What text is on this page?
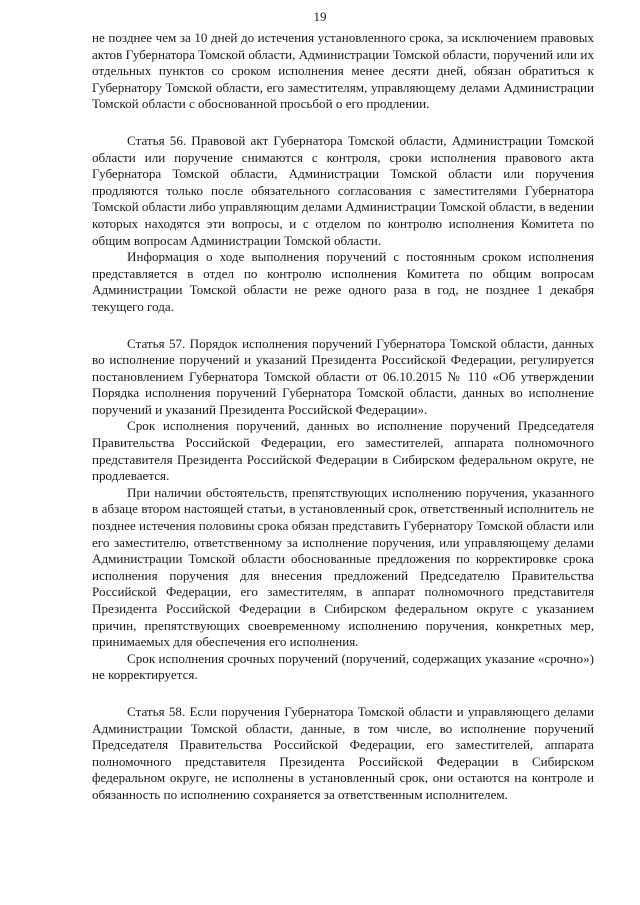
19

не позднее чем за 10 дней до истечения установленного срока, за исключением правовых актов Губернатора Томской области, Администрации Томской области, поручений или их отдельных пунктов со сроком исполнения менее десяти дней, обязан обратиться к Губернатору Томской области, его заместителям, управляющему делами Администрации Томской области с обоснованной просьбой о его продлении.

Статья 56. Правовой акт Губернатора Томской области, Администрации Томской области или поручение снимаются с контроля, сроки исполнения правового акта Губернатора Томской области, Администрации Томской области или поручения продляются только после обязательного согласования с заместителями Губернатора Томской области либо управляющим делами Администрации Томской области, в ведении которых находятся эти вопросы, и с отделом по контролю исполнения Комитета по общим вопросам Администрации Томской области.

Информация о ходе выполнения поручений с постоянным сроком исполнения представляется в отдел по контролю исполнения Комитета по общим вопросам Администрации Томской области не реже одного раза в год, не позднее 1 декабря текущего года.

Статья 57. Порядок исполнения поручений Губернатора Томской области, данных во исполнение поручений и указаний Президента Российской Федерации, регулируется постановлением Губернатора Томской области от 06.10.2015 № 110 «Об утверждении Порядка исполнения поручений Губернатора Томской области, данных во исполнение поручений и указаний Президента Российской Федерации».

Срок исполнения поручений, данных во исполнение поручений Председателя Правительства Российской Федерации, его заместителей, аппарата полномочного представителя Президента Российской Федерации в Сибирском федеральном округе, не продлевается.

При наличии обстоятельств, препятствующих исполнению поручения, указанного в абзаце втором настоящей статьи, в установленный срок, ответственный исполнитель не позднее истечения половины срока обязан представить Губернатору Томской области или его заместителю, ответственному за исполнение поручения, или управляющему делами Администрации Томской области обоснованные предложения по корректировке срока исполнения поручения для внесения предложений Председателю Правительства Российской Федерации, его заместителям, в аппарат полномочного представителя Президента Российской Федерации в Сибирском федеральном округе с указанием причин, препятствующих своевременному исполнению поручения, конкретных мер, принимаемых для обеспечения его исполнения.

Срок исполнения срочных поручений (поручений, содержащих указание «срочно») не корректируется.

Статья 58. Если поручения Губернатора Томской области и управляющего делами Администрации Томской области, данные, в том числе, во исполнение поручений Председателя Правительства Российской Федерации, его заместителей, аппарата полномочного представителя Президента Российской Федерации в Сибирском федеральном округе, не исполнены в установленный срок, они остаются на контроле и обязанность по исполнению сохраняется за ответственным исполнителем.
